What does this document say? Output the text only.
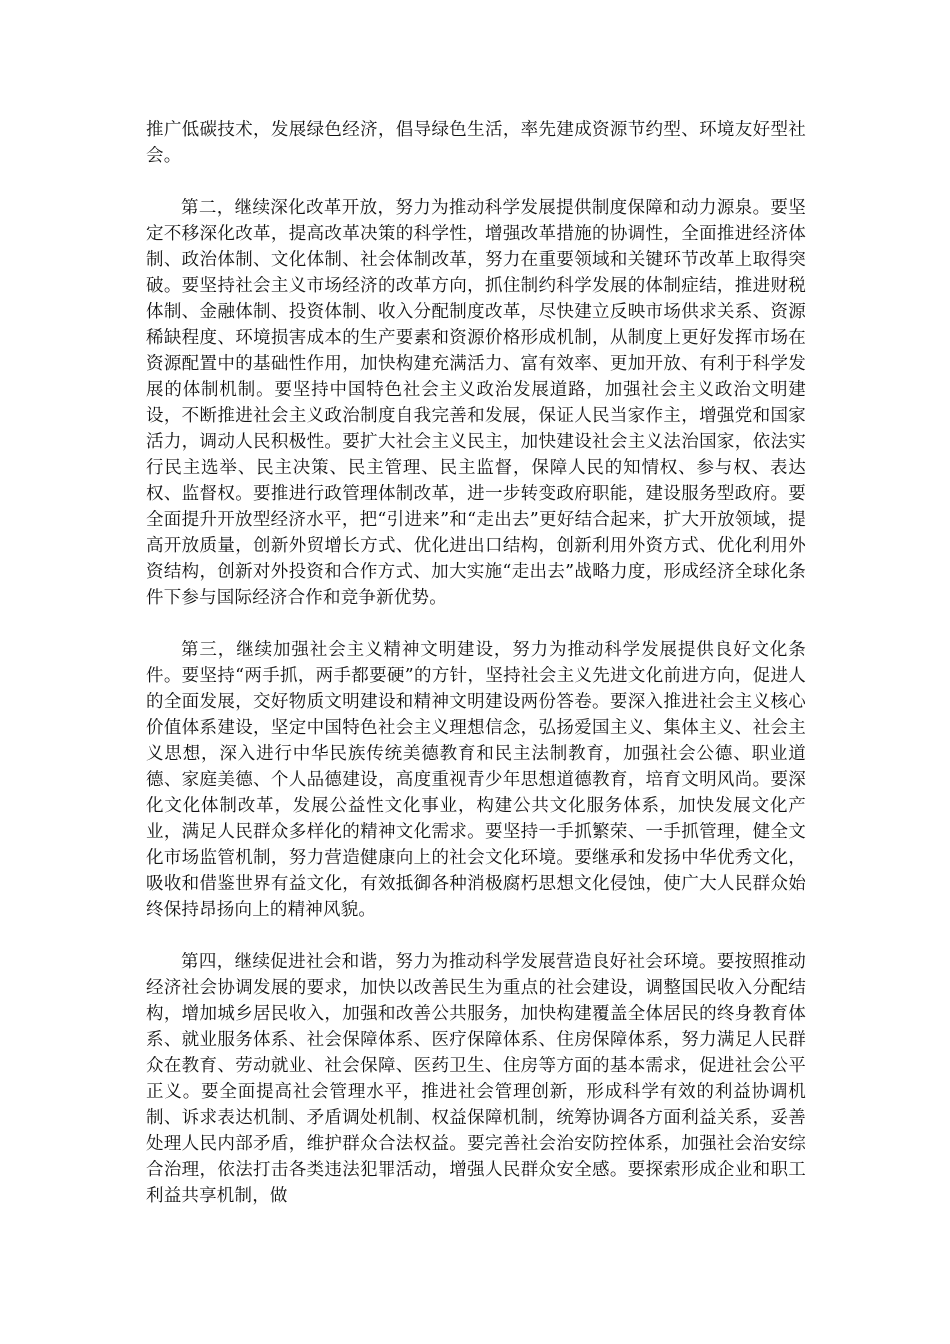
推广低碳技术，发展绿色经济，倡导绿色生活，率先建成资源节约型、环境友好型社会。

第二，继续深化改革开放，努力为推动科学发展提供制度保障和动力源泉。要坚定不移深化改革，提高改革决策的科学性，增强改革措施的协调性，全面推进经济体制、政治体制、文化体制、社会体制改革，努力在重要领域和关键环节改革上取得突破。要坚持社会主义市场经济的改革方向，抓住制约科学发展的体制症结，推进财税体制、金融体制、投资体制、收入分配制度改革，尽快建立反映市场供求关系、资源稀缺程度、环境损害成本的生产要素和资源价格形成机制，从制度上更好发挥市场在资源配置中的基础性作用，加快构建充满活力、富有效率、更加开放、有利于科学发展的体制机制。要坚持中国特色社会主义政治发展道路，加强社会主义政治文明建设，不断推进社会主义政治制度自我完善和发展，保证人民当家作主，增强党和国家活力，调动人民积极性。要扩大社会主义民主，加快建设社会主义法治国家，依法实行民主选举、民主决策、民主管理、民主监督，保障人民的知情权、参与权、表达权、监督权。要推进行政管理体制改革，进一步转变政府职能，建设服务型政府。要全面提升开放型经济水平，把“引进来”和“走出去”更好结合起来，扩大开放领域，提高开放质量，创新外贸增长方式、优化进出口结构，创新利用外资方式、优化利用外资结构，创新对外投资和合作方式、加大实施“走出去”战略力度，形成经济全球化条件下参与国际经济合作和竞争新优势。

第三，继续加强社会主义精神文明建设，努力为推动科学发展提供良好文化条件。要坚持“两手抓，两手都要硬”的方针，坚持社会主义先进文化前进方向，促进人的全面发展，交好物质文明建设和精神文明建设两份答卷。要深入推进社会主义核心价值体系建设，坚定中国特色社会主义理想信念，弘扬爱国主义、集体主义、社会主义思想，深入进行中华民族传统美德教育和民主法制教育，加强社会公德、职业道德、家庭美德、个人品德建设，高度重视青少年思想道德教育，培育文明风尚。要深化文化体制改革，发展公益性文化事业，构建公共文化服务体系，加快发展文化产业，满足人民群众多样化的精神文化需求。要坚持一手抓繁荣、一手抓管理，健全文化市场监管机制，努力营造健康向上的社会文化环境。要继承和发扬中华优秀文化，吸收和借鉴世界有益文化，有效抵御各种消极腐朽思想文化侵蚀，使广大人民群众始终保持昂扬向上的精神风貌。

第四，继续促进社会和谐，努力为推动科学发展营造良好社会环境。要按照推动经济社会协调发展的要求，加快以改善民生为重点的社会建设，调整国民收入分配结构，增加城乡居民收入，加强和改善公共服务，加快构建覆盖全体居民的终身教育体系、就业服务体系、社会保障体系、医疗保障体系、住房保障体系，努力满足人民群众在教育、劳动就业、社会保障、医药卫生、住房等方面的基本需求，促进社会公平正义。要全面提高社会管理水平，推进社会管理创新，形成科学有效的利益协调机制、诉求表达机制、矛盾调处机制、权益保障机制，统筹协调各方面利益关系，妥善处理人民内部矛盾，维护群众合法权益。要完善社会治安防控体系，加强社会治安综合治理，依法打击各类违法犯罪活动，增强人民群众安全感。要探索形成企业和职工利益共享机制，做
